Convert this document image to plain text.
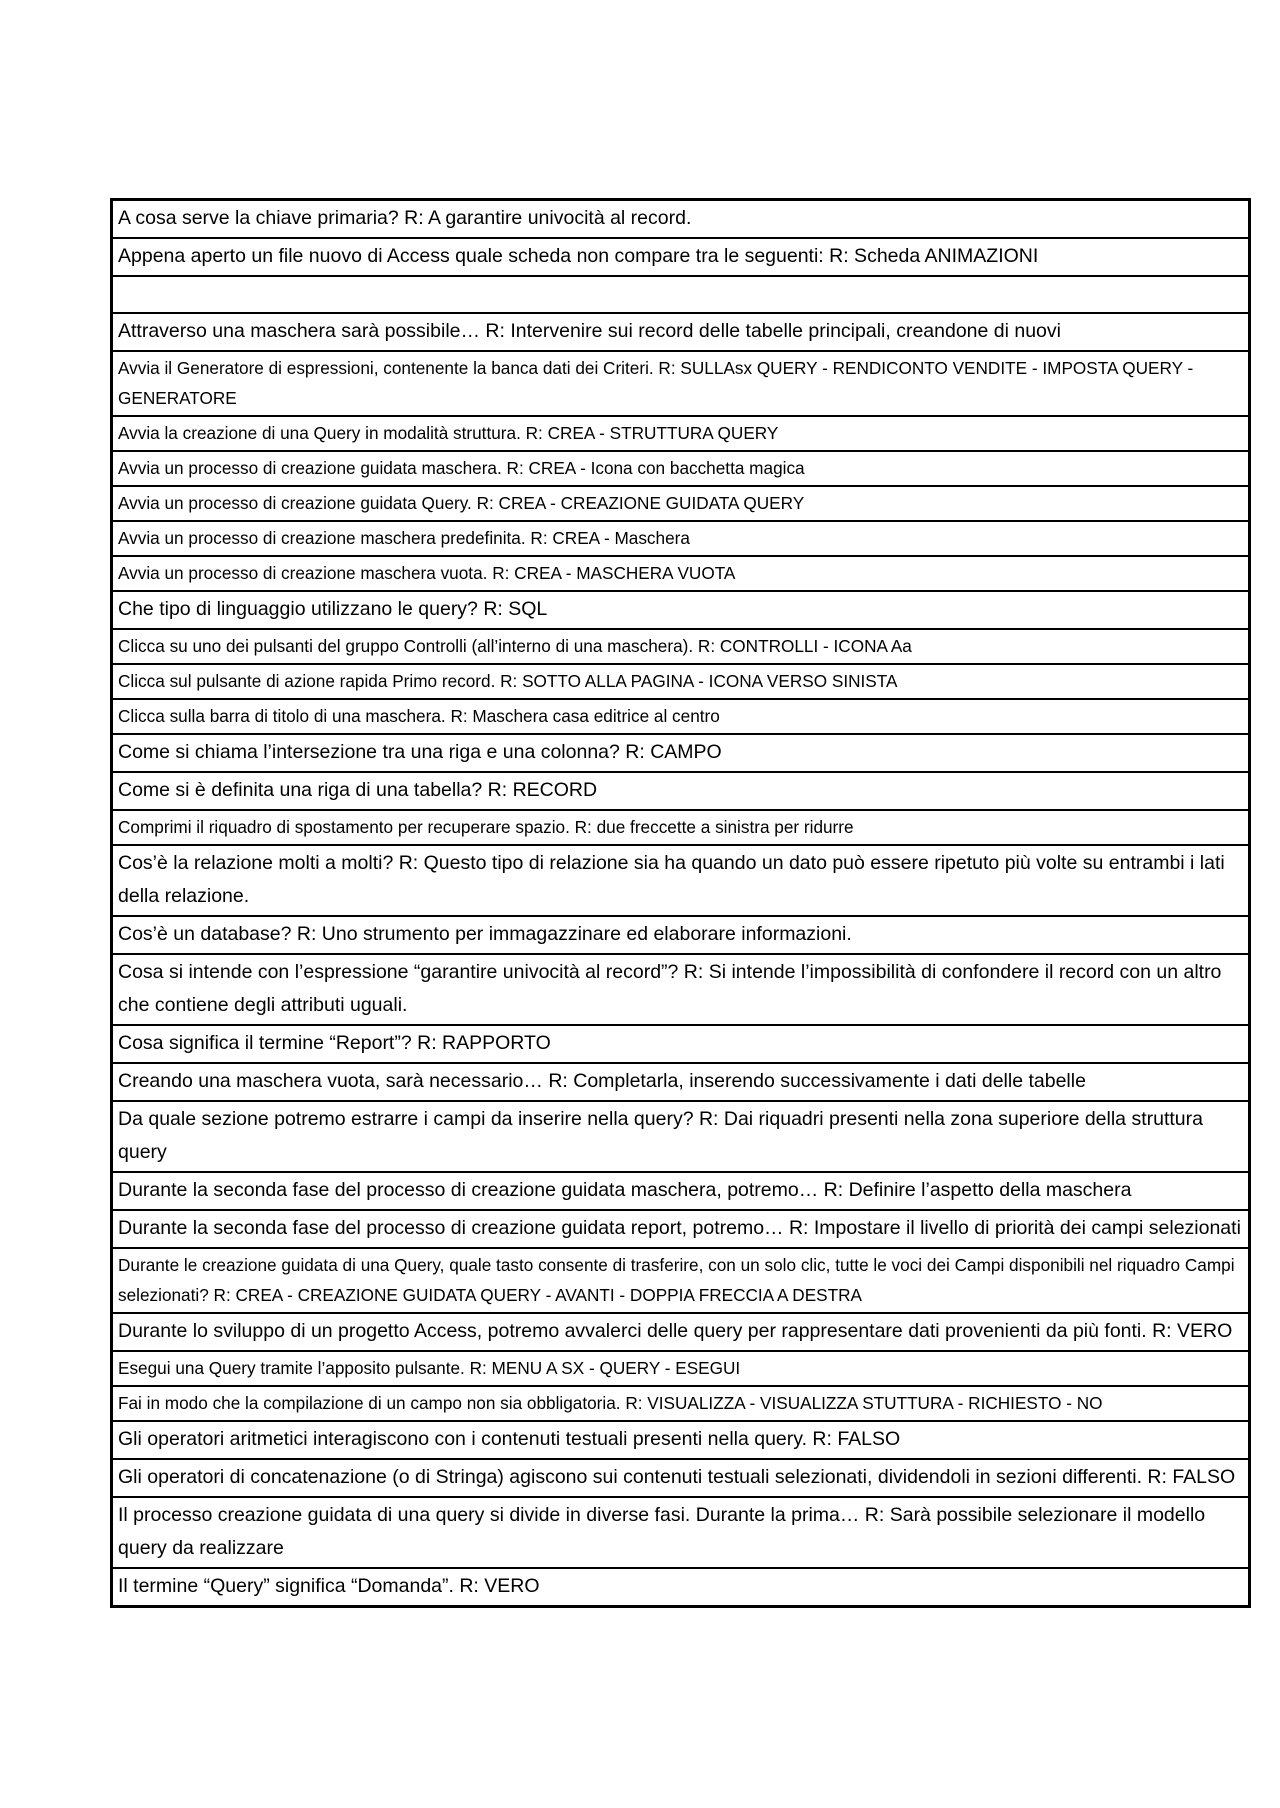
A cosa serve la chiave primaria? R: A garantire univocità al record.
Appena aperto un file nuovo di Access quale scheda non compare tra le seguenti: R: Scheda ANIMAZIONI

Attraverso una maschera sarà possibile… R: Intervenire sui record delle tabelle principali, creandone di nuovi
Avvia il Generatore di espressioni, contenente la banca dati dei Criteri. R: SULLAsx QUERY - RENDICONTO VENDITE - IMPOSTA QUERY - GENERATORE
Avvia la creazione di una Query in modalità struttura. R: CREA - STRUTTURA QUERY
Avvia un processo di creazione guidata maschera. R: CREA - Icona con bacchetta magica
Avvia un processo di creazione guidata Query. R: CREA - CREAZIONE GUIDATA QUERY
Avvia un processo di creazione maschera predefinita. R: CREA - Maschera
Avvia un processo di creazione maschera vuota. R: CREA - MASCHERA VUOTA
Che tipo di linguaggio utilizzano le query? R: SQL
Clicca su uno dei pulsanti del gruppo Controlli (all’interno di una maschera). R: CONTROLLI - ICONA Aa
Clicca sul pulsante di azione rapida Primo record. R: SOTTO ALLA PAGINA - ICONA VERSO SINISTA
Clicca sulla barra di titolo di una maschera. R: Maschera casa editrice al centro
Come si chiama l’intersezione tra una riga e una colonna? R: CAMPO
Come si è definita una riga di una tabella? R: RECORD
Comprimi il riquadro di spostamento per recuperare spazio. R: due freccette a sinistra per ridurre
Cos’è la relazione molti a molti? R: Questo tipo di relazione sia ha quando un dato può essere ripetuto più volte su entrambi i lati della relazione.
Cos’è un database? R: Uno strumento per immagazzinare ed elaborare informazioni.
Cosa si intende con l’espressione “garantire univocità al record”? R: Si intende l’impossibilità di confondere il record con un altro che contiene degli attributi uguali.
Cosa significa il termine “Report”? R: RAPPORTO
Creando una maschera vuota, sarà necessario… R: Completarla, inserendo successivamente i dati delle tabelle
Da quale sezione potremo estrarre i campi da inserire nella query? R: Dai riquadri presenti nella zona superiore della struttura query
Durante la seconda fase del processo di creazione guidata maschera, potremo… R: Definire l’aspetto della maschera
Durante la seconda fase del processo di creazione guidata report, potremo… R: Impostare il livello di priorità dei campi selezionati
Durante le creazione guidata di una Query, quale tasto consente di trasferire, con un solo clic, tutte le voci dei Campi disponibili nel riquadro Campi selezionati? R: CREA - CREAZIONE GUIDATA QUERY - AVANTI - DOPPIA FRECCIA A DESTRA
Durante lo sviluppo di un progetto Access, potremo avvalerci delle query per rappresentare dati provenienti da più fonti. R: VERO
Esegui una Query tramite l’apposito pulsante. R: MENU A SX - QUERY - ESEGUI
Fai in modo che la compilazione di un campo non sia obbligatoria. R: VISUALIZZA - VISUALIZZA STUTTURA - RICHIESTO - NO
Gli operatori aritmetici interagiscono con i contenuti testuali presenti nella query. R: FALSO
Gli operatori di concatenazione (o di Stringa) agiscono sui contenuti testuali selezionati, dividendoli in sezioni differenti. R: FALSO
Il processo creazione guidata di una query si divide in diverse fasi. Durante la prima… R: Sarà possibile selezionare il modello query da realizzare
Il termine “Query” significa “Domanda”. R: VERO
